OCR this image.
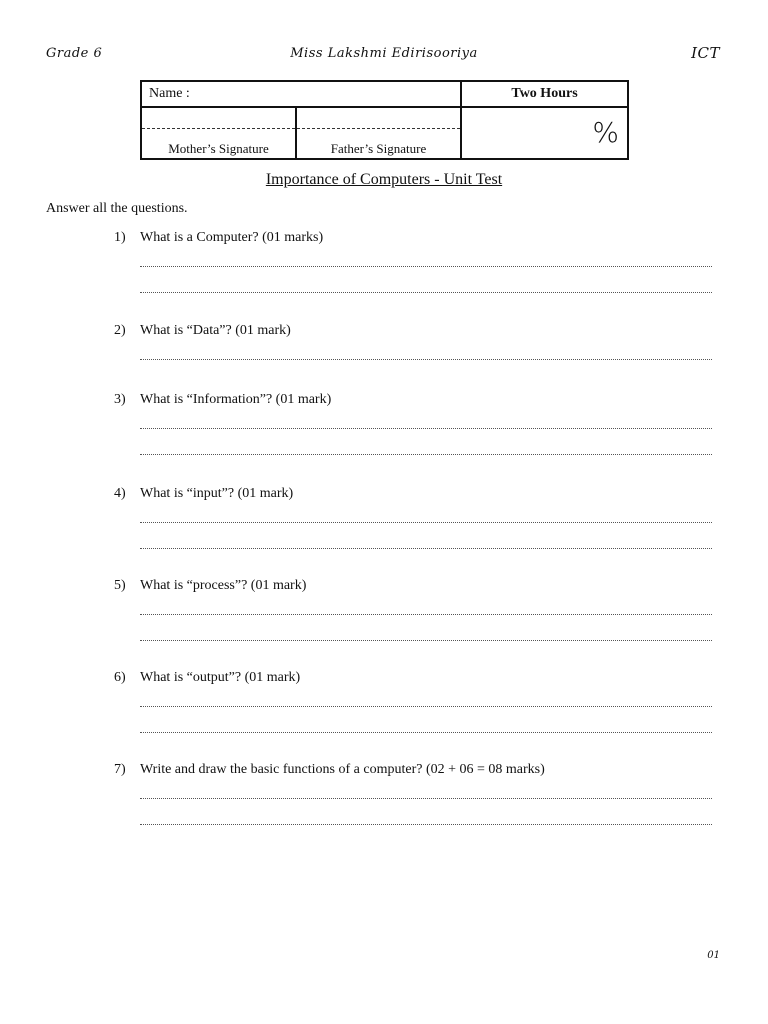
Grade 6	Miss Lakshmi Edirisooriya	ICT
Name :		Two Hours

Mother’s Signature	Father’s Signature	%
Importance of Computers - Unit Test
Answer all the questions.
1) What is a Computer? (01 marks)
2) What is “Data”? (01 mark)
3) What is “Information”? (01 mark)
4) What is “input”? (01 mark)
5) What is “process”? (01 mark)
6) What is “output”? (01 mark)
7) Write and draw the basic functions of a computer? (02 + 06 = 08 marks)
01
